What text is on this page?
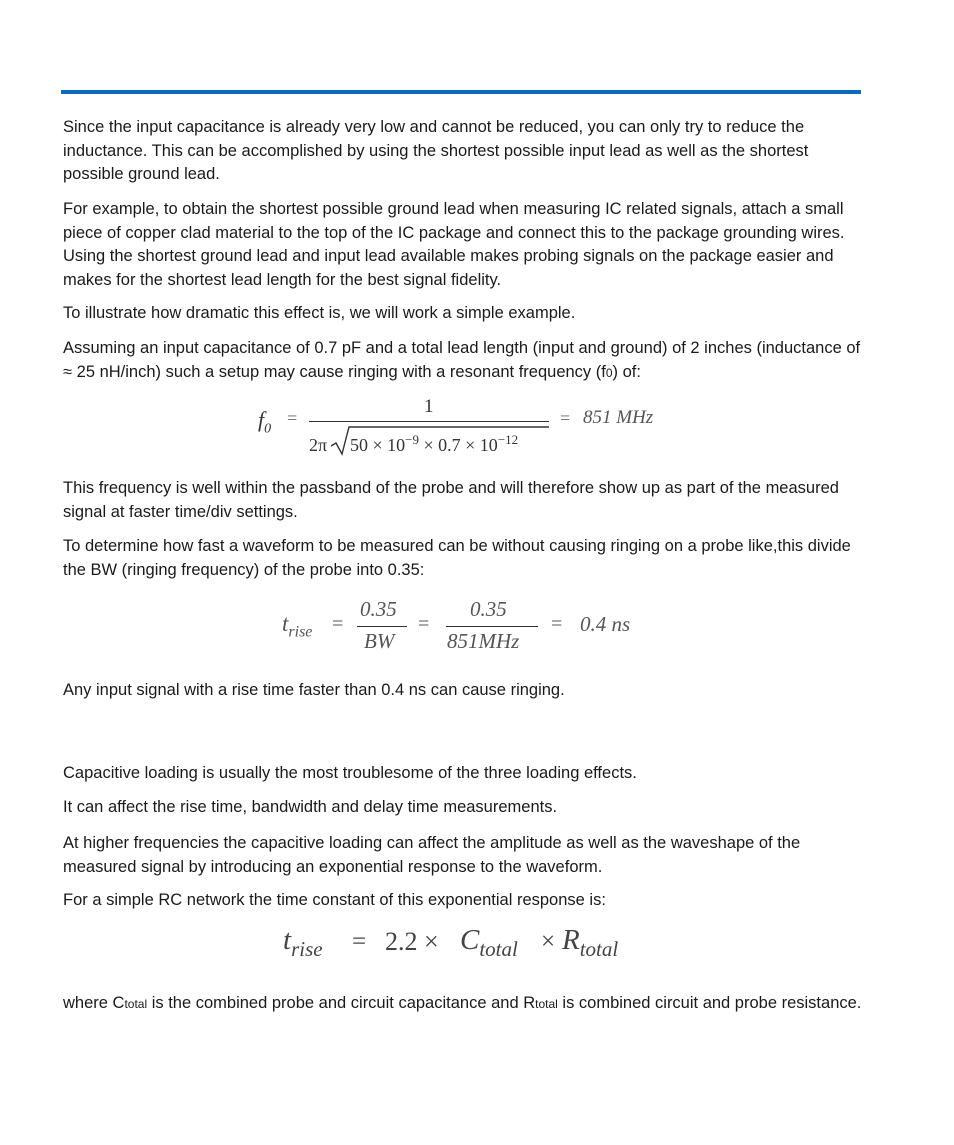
Since the input capacitance is already very low and cannot be reduced, you can only try to reduce the inductance. This can be accomplished by using the shortest possible input lead as well as the shortest possible ground lead.
For example, to obtain the shortest possible ground lead when measuring IC related signals, attach a small piece of copper clad material to the top of the IC package and connect this to the package grounding wires. Using the shortest ground lead and input lead available makes probing signals on the package easier and makes for the shortest lead length for the best signal fidelity.
To illustrate how dramatic this effect is, we will work a simple example.
Assuming an input capacitance of 0.7 pF and a total lead length (input and ground) of 2 inches (inductance of ≈ 25 nH/inch) such a setup may cause ringing with a resonant frequency (f0) of:
$f_0$
=
1
2π $50 \times 10^{-9} \times 0.7 \times 10^{-12}$
= 851 MHz
This frequency is well within the passband of the probe and will therefore show up as part of the measured signal at faster time/div settings.
To determine how fast a waveform to be measured can be without causing ringing on a probe like,this divide the BW (ringing frequency) of the probe into 0.35:
$t_{rise}$ =
0.35
BW
=
0.35
851MHz
= 0.4 ns
Any input signal with a rise time faster than 0.4 ns can cause ringing.
Capacitive loading is usually the most troublesome of the three loading effects.
It can affect the rise time, bandwidth and delay time measurements.
At higher frequencies the capacitive loading can affect the amplitude as well as the waveshape of the measured signal by introducing an exponential response to the waveform.
For a simple RC network the time constant of this exponential response is:
$t_{rise} = 2.2 \times C_{total} \times R_{total}$
where Ctotal is the combined probe and circuit capacitance and Rtotal is combined circuit and probe resistance.
